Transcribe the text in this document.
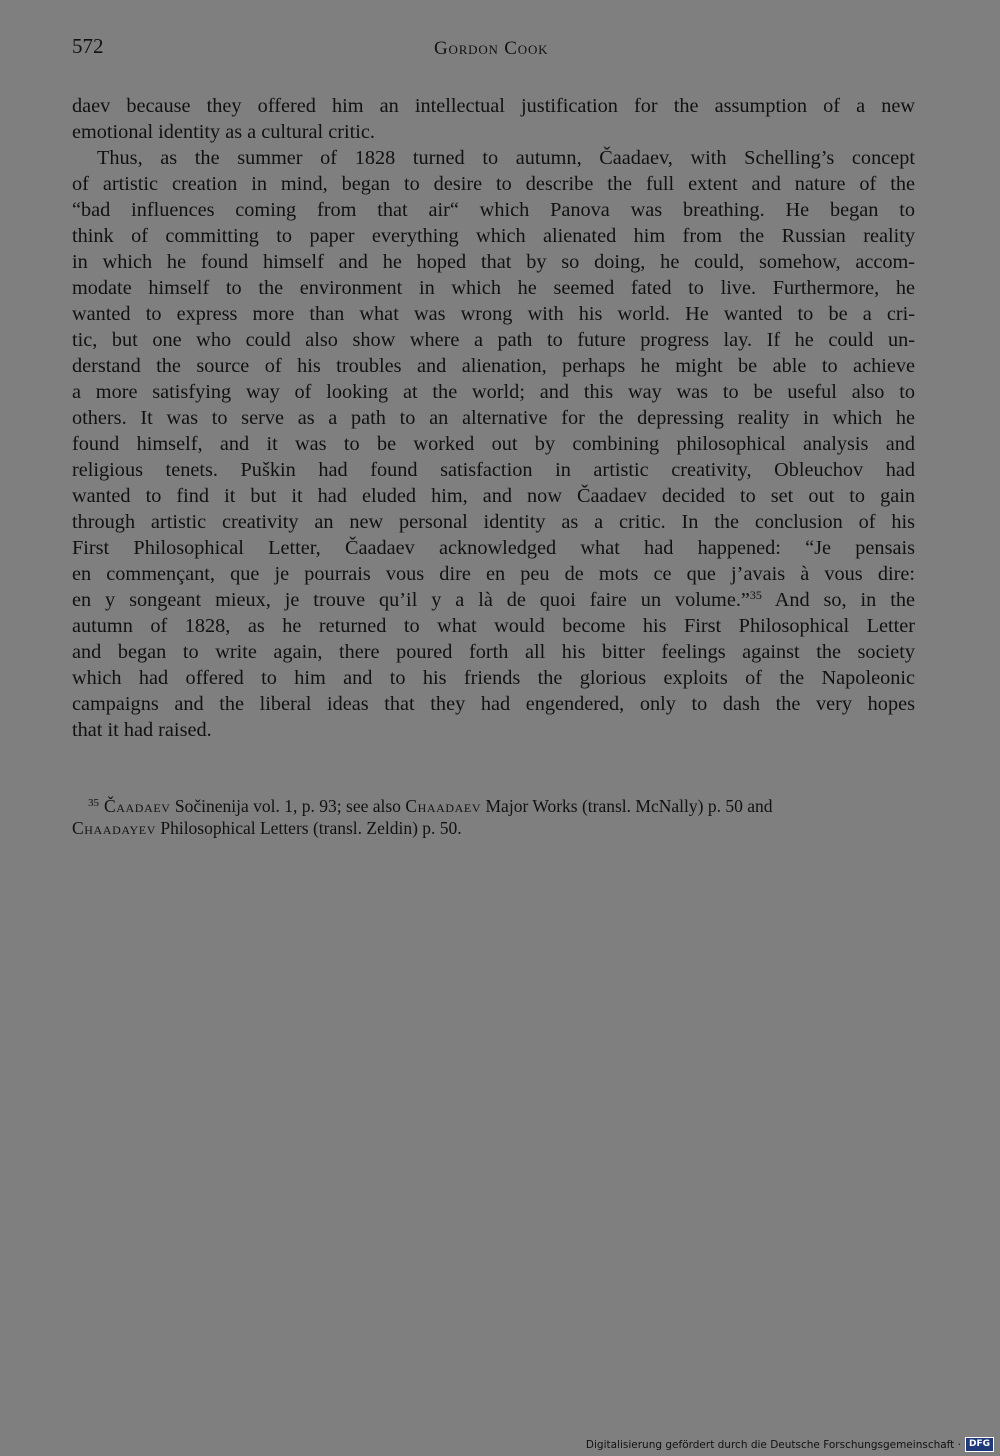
572	Gordon Cook
daev because they offered him an intellectual justification for the assumption of a new
emotional identity as a cultural critic.
Thus, as the summer of 1828 turned to autumn, Čaadaev, with Schelling’s concept
of artistic creation in mind, began to desire to describe the full extent and nature of the
“bad influences coming from that air“ which Panova was breathing. He began to
think of committing to paper everything which alienated him from the Russian reality
in which he found himself and he hoped that by so doing, he could, somehow, accom-
modate himself to the environment in which he seemed fated to live. Furthermore, he
wanted to express more than what was wrong with his world. He wanted to be a cri-
tic, but one who could also show where a path to future progress lay. If he could un-
derstand the source of his troubles and alienation, perhaps he might be able to achieve
a more satisfying way of looking at the world; and this way was to be useful also to
others. It was to serve as a path to an alternative for the depressing reality in which he
found himself, and it was to be worked out by combining philosophical analysis and
religious tenets. Puškin had found satisfaction in artistic creativity, Obleuchov had
wanted to find it but it had eluded him, and now Čaadaev decided to set out to gain
through artistic creativity an new personal identity as a critic. In the conclusion of his
First Philosophical Letter, Čaadaev acknowledged what had happened: “Je pensais
en commençant, que je pourrais vous dire en peu de mots ce que j’avais à vous dire:
en y songeant mieux, je trouve qu’il y a là de quoi faire un volume.”$^{35}$ And so, in the
autumn of 1828, as he returned to what would become his First Philosophical Letter
and began to write again, there poured forth all his bitter feelings against the society
which had offered to him and to his friends the glorious exploits of the Napoleonic
campaigns and the liberal ideas that they had engendered, only to dash the very hopes
that it had raised.
$^{35}$ Čaadaev Sočinenija vol. 1, p. 93; see also Chaadaev Major Works (transl. McNally) p. 50 and
Chaadayev Philosophical Letters (transl. Zeldin) p. 50.
Digitalisierung gefördert durch die Deutsche Forschungsgemeinschaft · DFG
